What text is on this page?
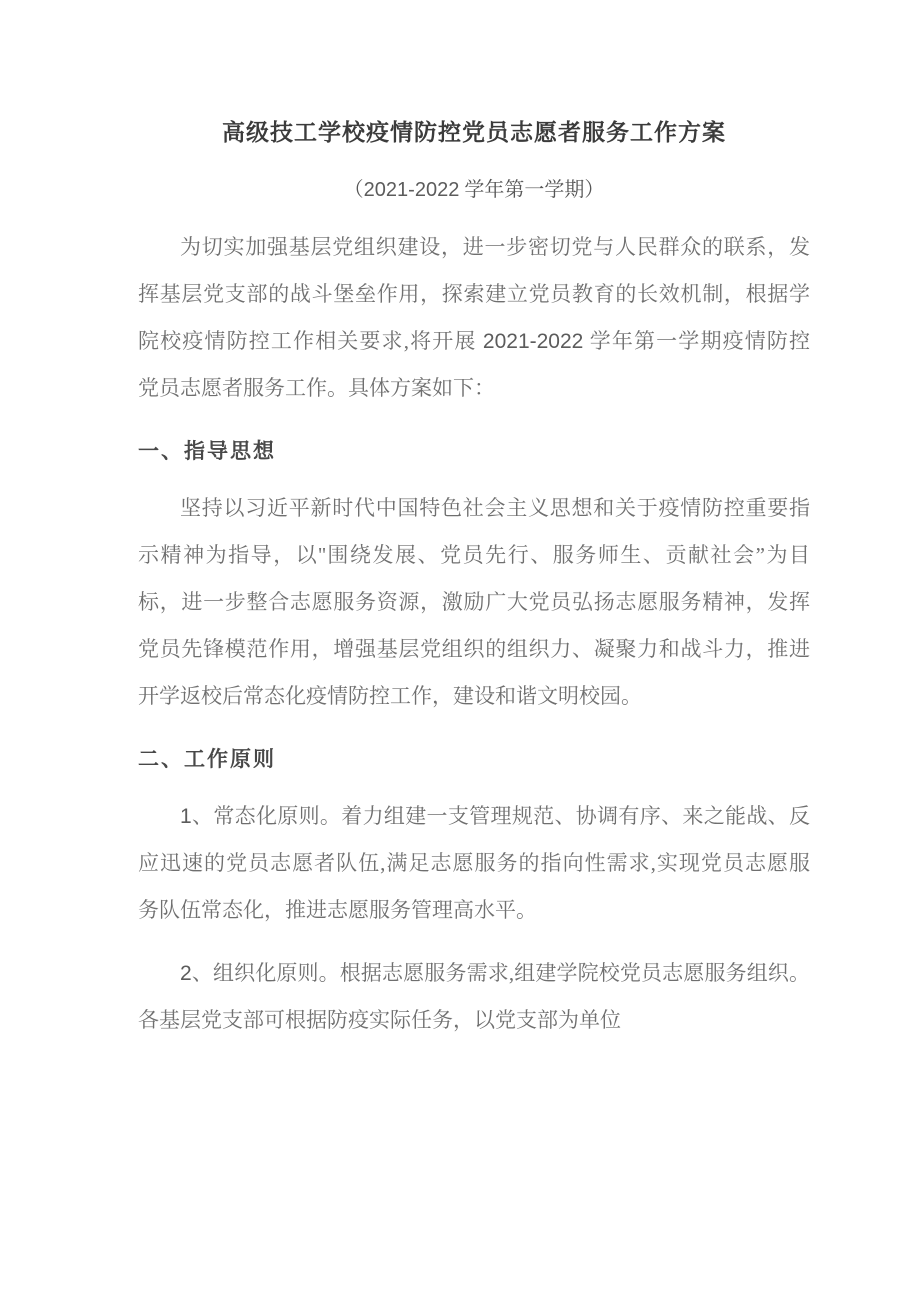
高级技工学校疫情防控党员志愿者服务工作方案
（2021-2022 学年第一学期）
为切实加强基层党组织建设，进一步密切党与人民群众的联系，发
挥基层党支部的战斗堡垒作用，探索建立党员教育的长效机制，根据学
院校疫情防控工作相关要求,将开展 2021-2022 学年第一学期疫情防控
党员志愿者服务工作。具体方案如下：
一、指导思想
坚持以习近平新时代中国特色社会主义思想和关于疫情防控重要指
示精神为指导，以''围绕发展、党员先行、服务师生、贡献社会”为目
标，进一步整合志愿服务资源，激励广大党员弘扬志愿服务精神，发挥
党员先锋模范作用，增强基层党组织的组织力、凝聚力和战斗力，推进
开学返校后常态化疫情防控工作，建设和谐文明校园。
二、工作原则
1、常态化原则。着力组建一支管理规范、协调有序、来之能战、反
应迅速的党员志愿者队伍,满足志愿服务的指向性需求,实现党员志愿服
务队伍常态化，推进志愿服务管理高水平。
2、组织化原则。根据志愿服务需求,组建学院校党员志愿服务组织。
各基层党支部可根据防疫实际任务，以党支部为单位
